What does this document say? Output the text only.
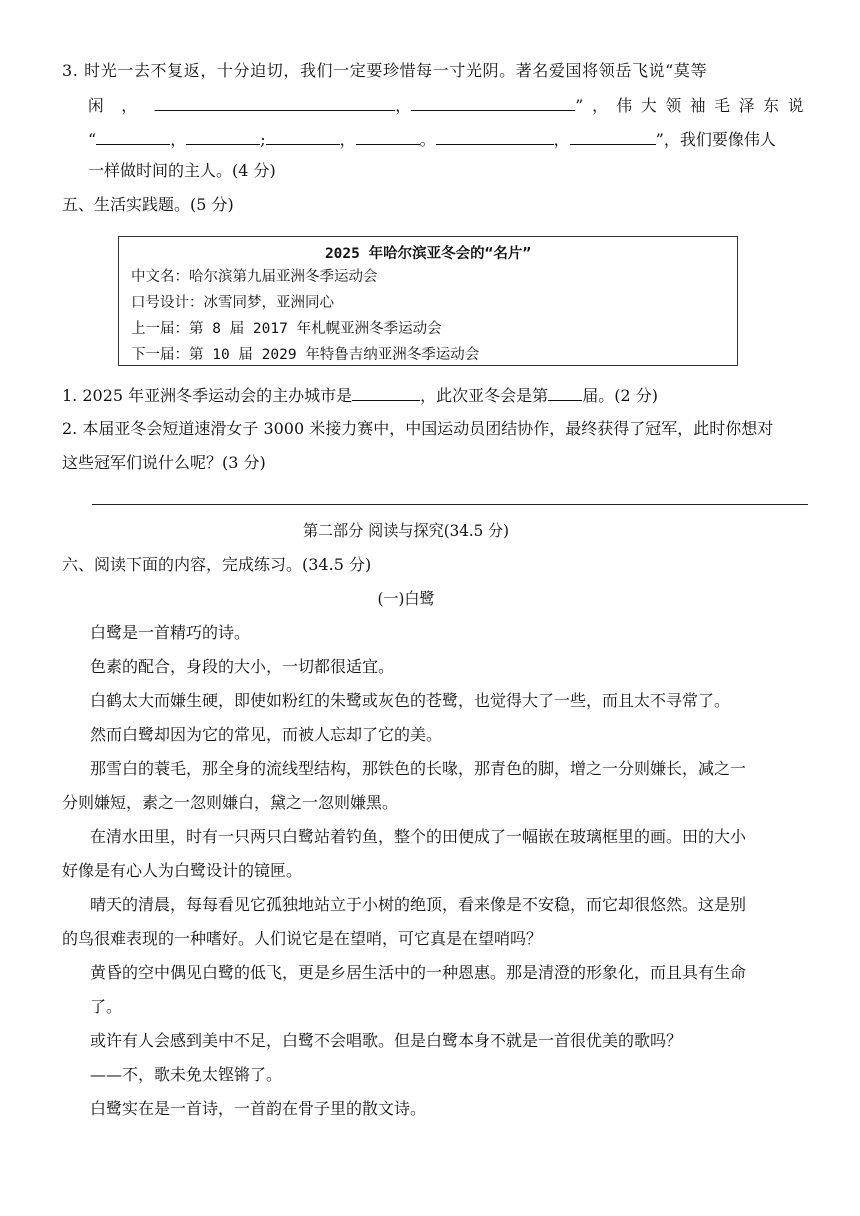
3. 时光一去不复返，十分迫切，我们一定要珍惜每一寸光阴。著名爱国将领岳飞说“莫等
闲，	，	”，伟大领袖毛泽东说
“	，	;	，	。	，	”，我们要像伟人
一样做时间的主人。(4 分)
五、生活实践题。(5 分)
2025 年哈尔滨亚冬会的“名片”
中文名：哈尔滨第九届亚洲冬季运动会
口号设计：冰雪同梦，亚洲同心
上一届：第 8 届 2017 年札幌亚洲冬季运动会
下一届：第 10 届 2029 年特鲁吉纳亚洲冬季运动会
1. 2025 年亚洲冬季运动会的主办城市是	，此次亚冬会是第 届。(2 分)
2. 本届亚冬会短道速滑女子 3000 米接力赛中，中国运动员团结协作，最终获得了冠军，此时你想对
这些冠军们说什么呢？(3 分)
第二部分 阅读与探究(34.5 分)
六、阅读下面的内容，完成练习。(34.5 分)
(一)白鹭
白鹭是一首精巧的诗。
色素的配合，身段的大小，一切都很适宜。
白鹤太大而嫌生硬，即使如粉红的朱鹭或灰色的苍鹭，也觉得大了一些，而且太不寻常了。
然而白鹭却因为它的常见，而被人忘却了它的美。
那雪白的蓑毛，那全身的流线型结构，那铁色的长喙，那青色的脚，增之一分则嫌长，减之一
分则嫌短，素之一忽则嫌白，黛之一忽则嫌黑。
在清水田里，时有一只两只白鹭站着钓鱼，整个的田便成了一幅嵌在玻璃框里的画。田的大小
好像是有心人为白鹭设计的镜匣。
晴天的清晨，每每看见它孤独地站立于小树的绝顶，看来像是不安稳，而它却很悠然。这是别
的鸟很难表现的一种嗜好。人们说它是在望哨，可它真是在望哨吗？
黄昏的空中偶见白鹭的低飞，更是乡居生活中的一种恩惠。那是清澄的形象化，而且具有生命
了。
或许有人会感到美中不足，白鹭不会唱歌。但是白鹭本身不就是一首很优美的歌吗？
——不，歌未免太铿锵了。
白鹭实在是一首诗，一首韵在骨子里的散文诗。
